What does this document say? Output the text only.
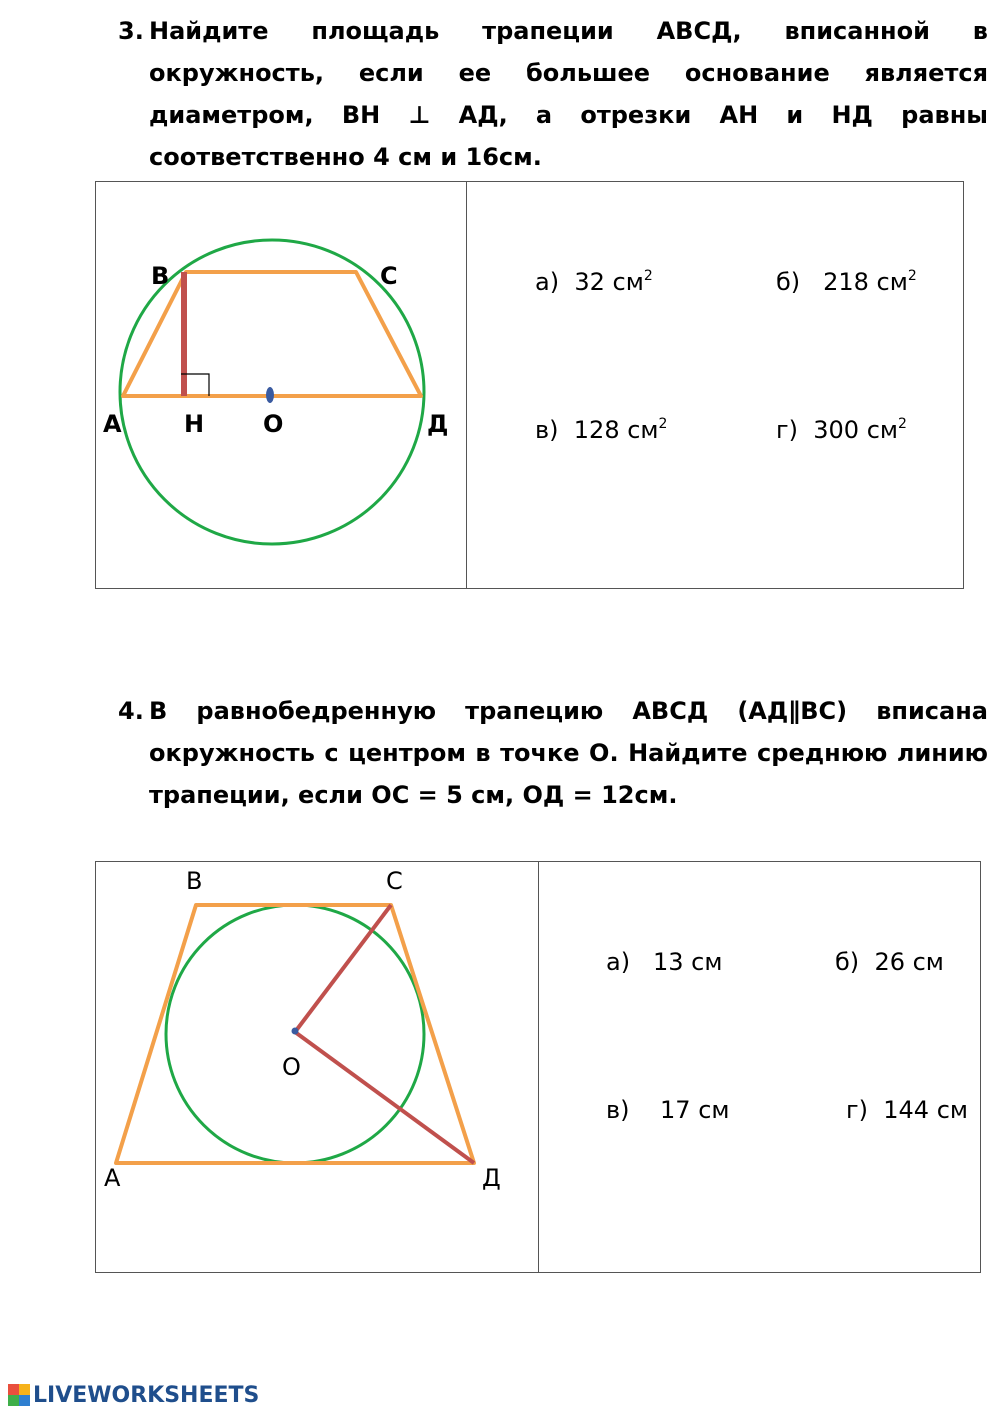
3. Найдите площадь трапеции АВСД, вписанной в окружность, если ее большее основание является диаметром, ВН ⊥ АД, а отрезки АН и НД равны соответственно 4 см и 16см.
В	С
А	Н О	Д
а) 32 $см^2$	б) 218 $см^2$
в) 128 $см^2$	г) 300 $см^2$
4. В равнобедренную трапецию АВСД (АД∥ВС) вписана окружность с центром в точке О. Найдите среднюю линию трапеции, если ОС = 5 см, ОД = 12см.
В	С
О
А	Д
а) 13 см	б) 26 см
в) 17 см	г) 144 см
LIVEWORKSHEETS
